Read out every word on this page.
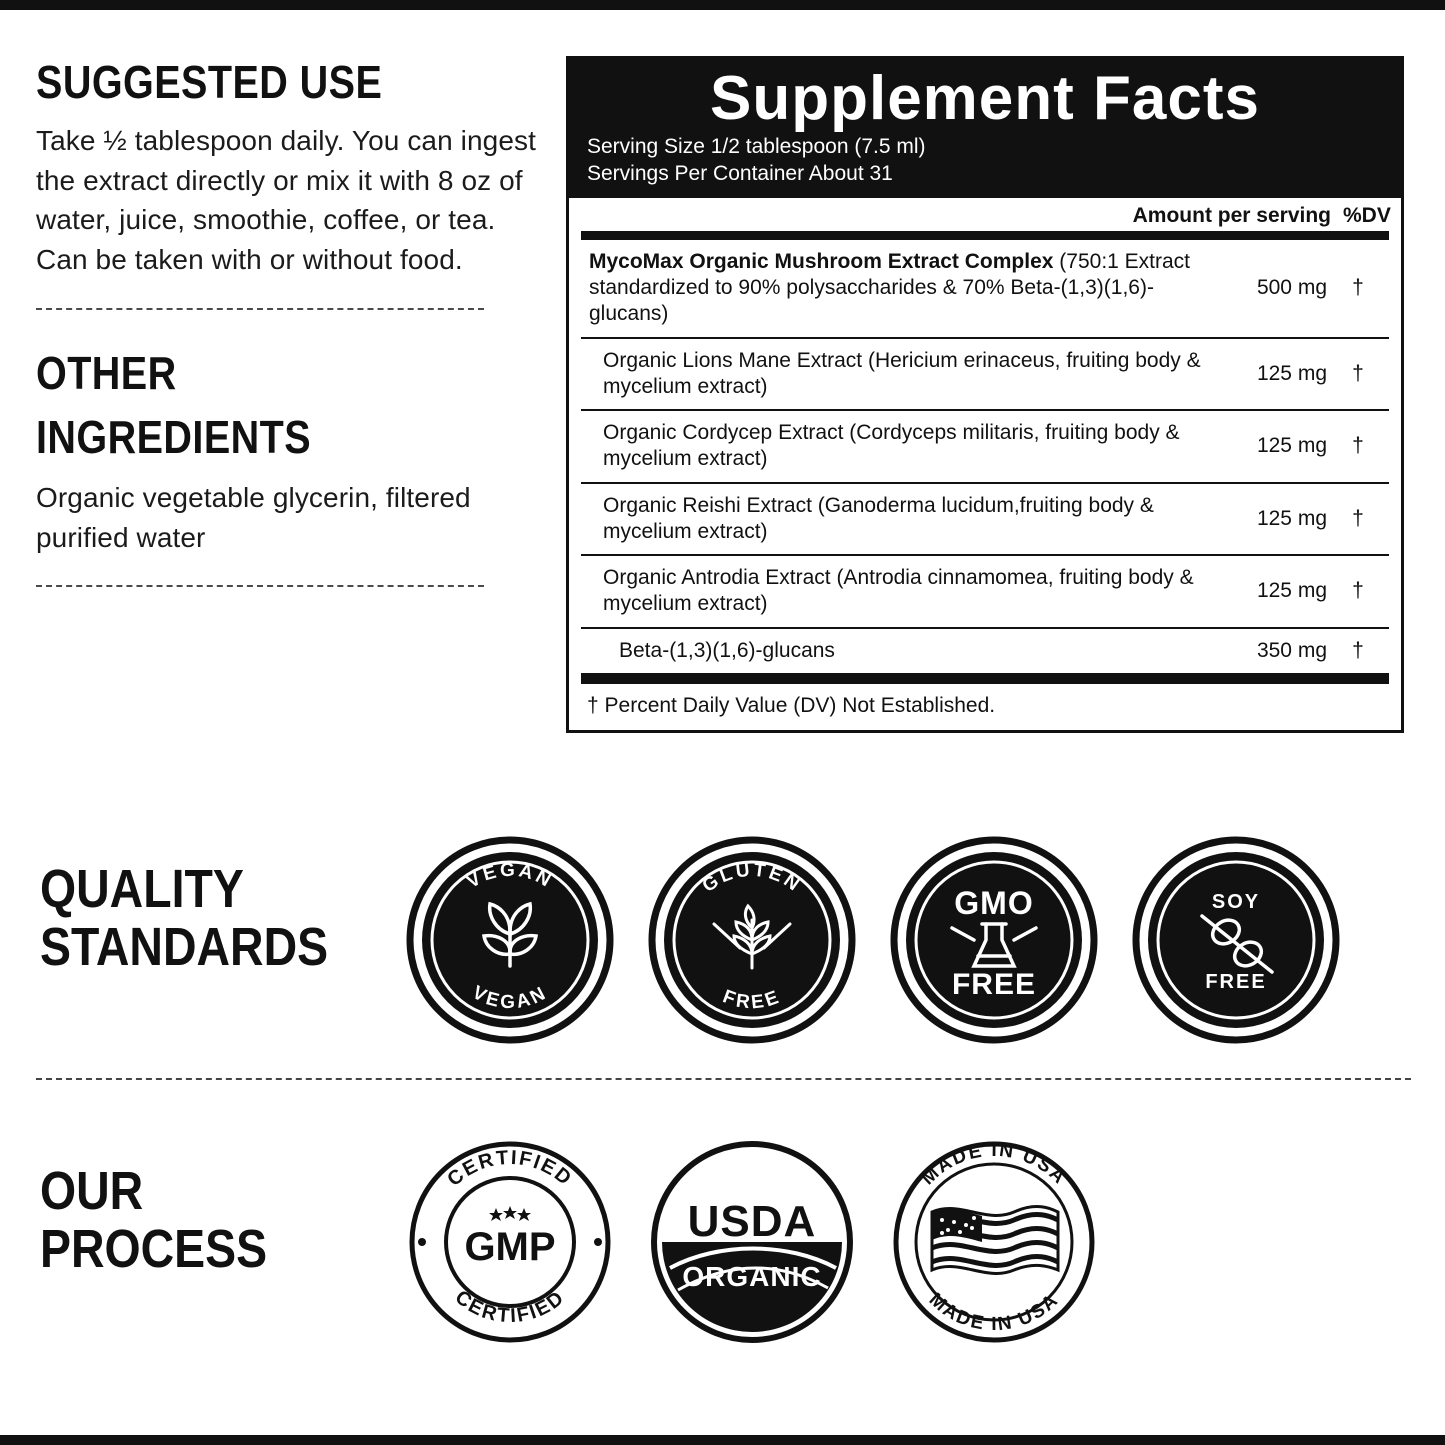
SUGGESTED USE

Take ½ tablespoon daily. You can ingest the extract directly or mix it with 8 oz of water, juice, smoothie, coffee, or tea. Can be taken with or without food.

OTHER
INGREDIENTS

Organic vegetable glycerin, filtered purified water

Supplement Facts

Serving Size 1/2 tablespoon (7.5 ml)

Servings Per Container About 31

Amount per serving %DV
MycoMax Organic Mushroom Extract Complex (750:1 Extract standardized to 90% polysaccharides & 70% Beta-(1,3)(1,6)-glucans)
500 mg	†
Organic Lions Mane Extract (Hericium erinaceus, fruiting body & mycelium extract)
125 mg	†
Organic Cordycep Extract (Cordyceps militaris, fruiting body & mycelium extract)
125 mg	†
Organic Reishi Extract (Ganoderma lucidum,fruiting body & mycelium extract)
125 mg	†
Organic Antrodia Extract (Antrodia cinnamomea, fruiting body & mycelium extract)
125 mg	†
Beta-(1,3)(1,6)-glucans	350 mg	†
† Percent Daily Value (DV) Not Established.
QUALITY
STANDARDS
VEGAN
VEGAN
GLUTEN
FREE
GMO
FREE
SOY
FREE
OUR
PROCESS
CERTIFIED
CERTIFIED
GMP
USDA
ORGANIC
MADE IN USA
MADE IN USA
